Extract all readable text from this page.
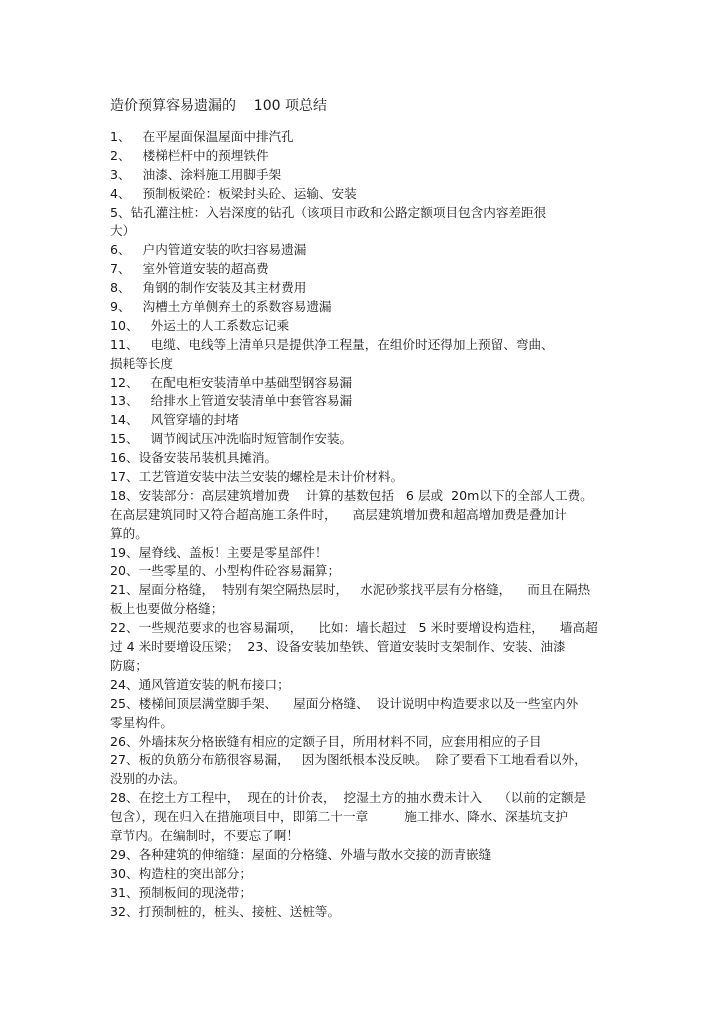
造价预算容易遗漏的    100 项总结
1、   在平屋面保温屋面中排汽孔
2、   楼梯栏杆中的预埋铁件
3、   油漆、涂料施工用脚手架
4、   预制板梁砼：板梁封头砼、运输、安装
5、钻孔灌注桩：入岩深度的钻孔（该项目市政和公路定额项目包含内容差距很
大）
6、   户内管道安装的吹扫容易遗漏
7、   室外管道安装的超高费
8、   角钢的制作安装及其主材费用
9、   沟槽土方单侧弃土的系数容易遗漏
10、   外运土的人工系数忘记乘
11、   电缆、电线等上清单只是提供净工程量，在组价时还得加上预留、弯曲、
损耗等长度
12、   在配电柜安装清单中基础型钢容易漏
13、   给排水上管道安装清单中套管容易漏
14、   风管穿墙的封堵
15、   调节阀试压冲洗临时短管制作安装。
16、设备安装吊装机具摊消。
17、工艺管道安装中法兰安装的螺栓是未计价材料。
18、安装部分：高层建筑增加费    计算的基数包括   6 层或  20m以下的全部人工费。
在高层建筑同时又符合超高施工条件时，    高层建筑增加费和超高增加费是叠加计
算的。
19、屋脊线、盖板！主要是零星部件！
20、一些零星的、小型构件砼容易漏算；
21、屋面分格缝，  特别有架空隔热层时，   水泥砂浆找平层有分格缝，    而且在隔热
板上也要做分格缝；
22、一些规范要求的也容易漏项，    比如：墙长超过   5 米时要增设构造柱，    墙高超
过 4 米时要增设压梁；  23、设备安装加垫铁、管道安装时支架制作、安装、油漆
防腐；
24、通风管道安装的帆布接口；
25、楼梯间顶层满堂脚手架、    屋面分格缝、  设计说明中构造要求以及一些室内外
零星构件。
26、外墙抹灰分格嵌缝有相应的定额子目，所用材料不同，应套用相应的子目
27、板的负筋分布筋很容易漏，   因为图纸根本没反映。  除了要看下工地看看以外，
没别的办法。
28、在挖土方工程中，  现在的计价表，  挖湿土方的抽水费未计入    （以前的定额是
包含），现在归入在措施项目中，即第二十一章         施工排水、降水、深基坑支护
章节内。在编制时，不要忘了啊！
29、各种建筑的伸缩缝：屋面的分格缝、外墙与散水交接的沥青嵌缝
30、构造柱的突出部分；
31、预制板间的现浇带；
32、打预制桩的，桩头、接桩、送桩等。
